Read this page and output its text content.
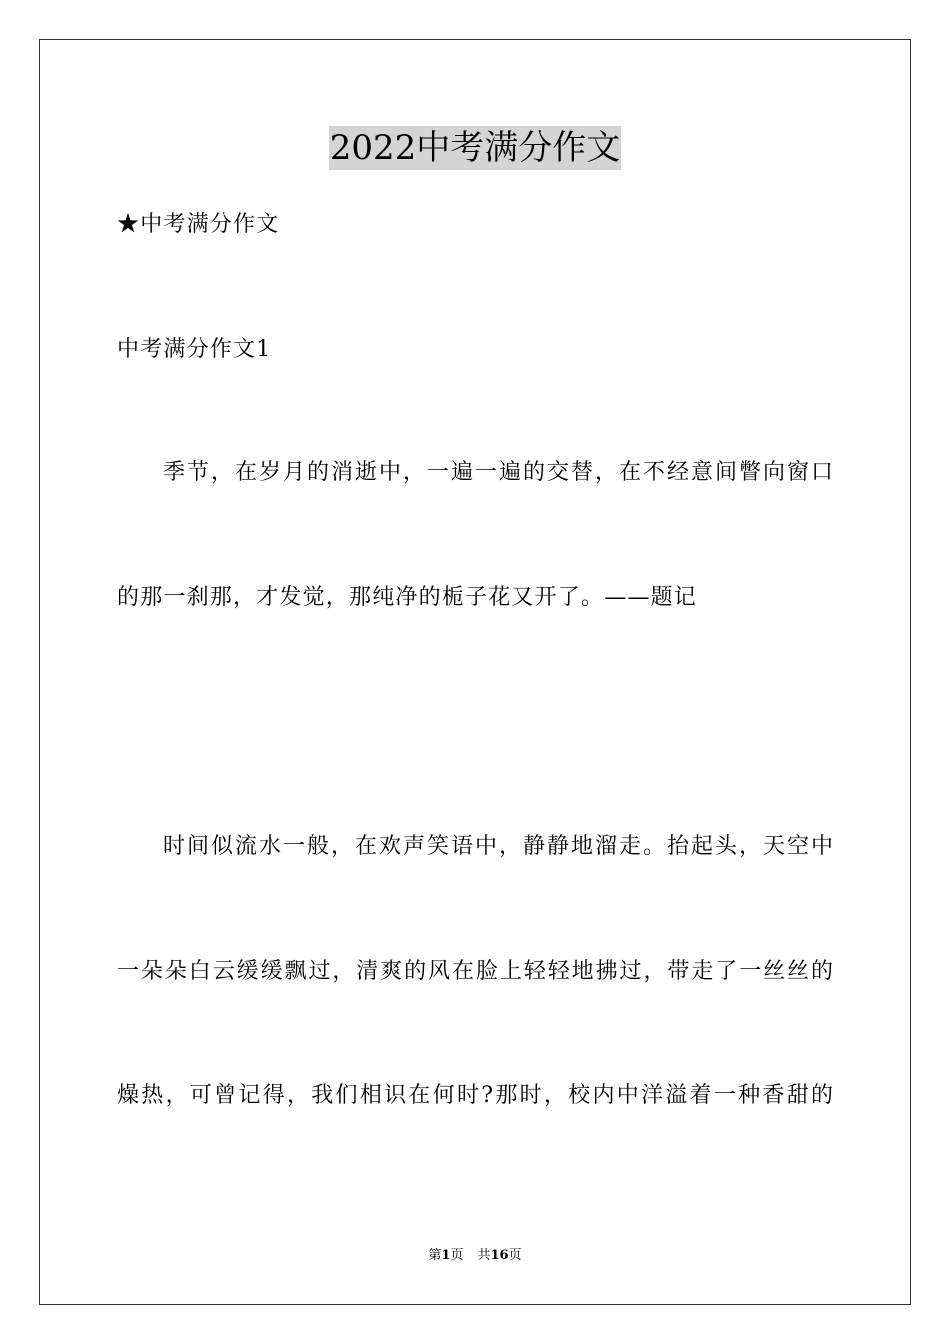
2022中考满分作文
★中考满分作文
中考满分作文1
季节，在岁月的消逝中，一遍一遍的交替，在不经意间瞥向窗口
的那一刹那，才发觉，那纯净的栀子花又开了。——题记
时间似流水一般，在欢声笑语中，静静地溜走。抬起头，天空中
一朵朵白云缓缓飘过，清爽的风在脸上轻轻地拂过，带走了一丝丝的
燥热，可曾记得，我们相识在何时?那时，校内中洋溢着一种香甜的
第1页 共16页
